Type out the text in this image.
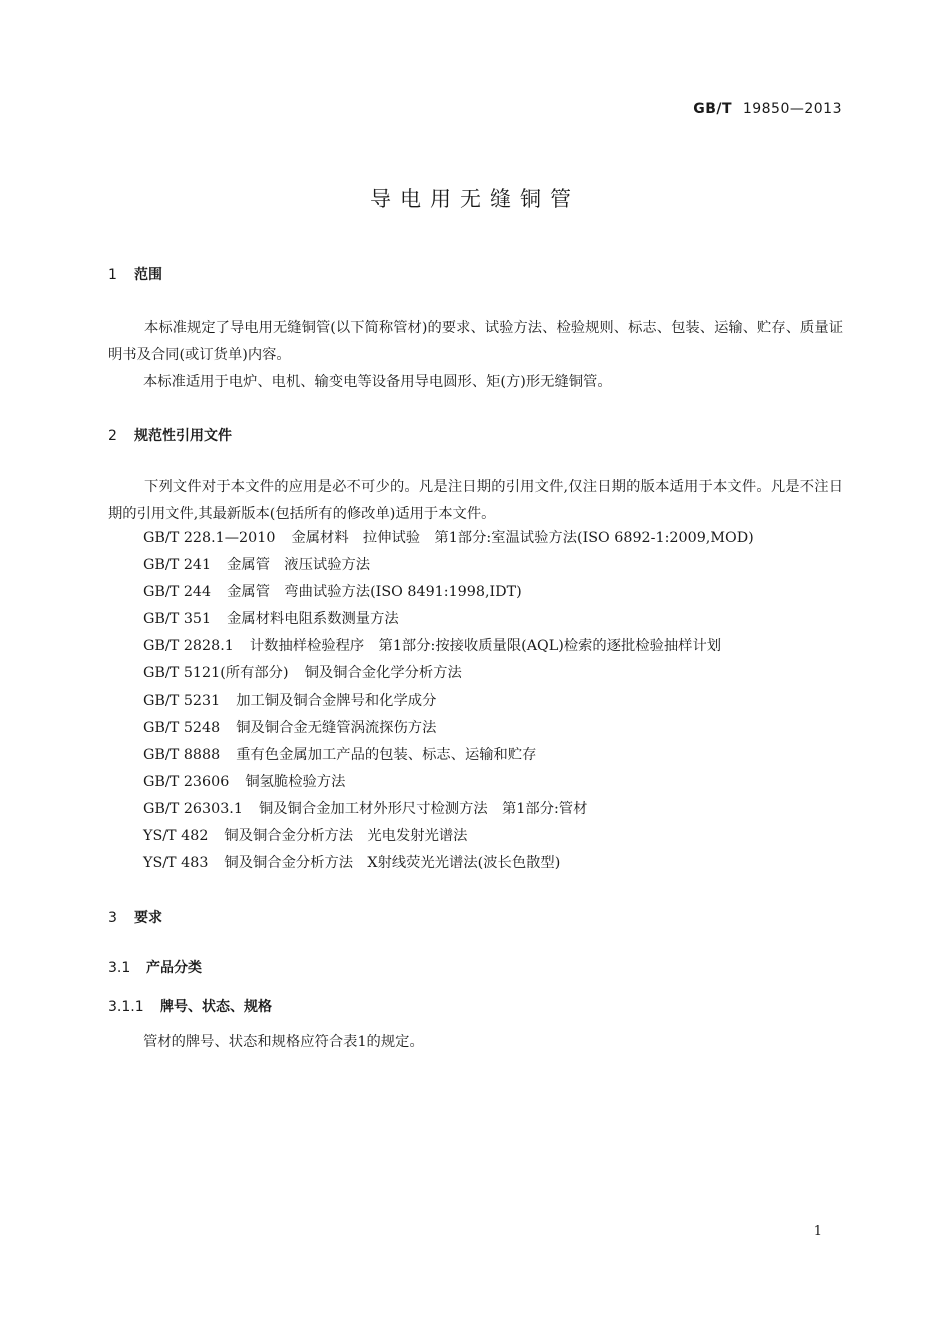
GB/T 19850—2013
导电用无缝铜管
1 范围
本标准规定了导电用无缝铜管(以下简称管材)的要求、试验方法、检验规则、标志、包装、运输、贮存、质量证明书及合同(或订货单)内容。
本标准适用于电炉、电机、输变电等设备用导电圆形、矩(方)形无缝铜管。
2 规范性引用文件
下列文件对于本文件的应用是必不可少的。凡是注日期的引用文件,仅注日期的版本适用于本文件。凡是不注日期的引用文件,其最新版本(包括所有的修改单)适用于本文件。
GB/T 228.1—2010 金属材料　拉伸试验　第1部分:室温试验方法(ISO 6892-1:2009,MOD)
GB/T 241 金属管　液压试验方法
GB/T 244 金属管　弯曲试验方法(ISO 8491:1998,IDT)
GB/T 351 金属材料电阻系数测量方法
GB/T 2828.1 计数抽样检验程序　第1部分:按接收质量限(AQL)检索的逐批检验抽样计划
GB/T 5121(所有部分) 铜及铜合金化学分析方法
GB/T 5231 加工铜及铜合金牌号和化学成分
GB/T 5248 铜及铜合金无缝管涡流探伤方法
GB/T 8888 重有色金属加工产品的包装、标志、运输和贮存
GB/T 23606 铜氢脆检验方法
GB/T 26303.1 铜及铜合金加工材外形尺寸检测方法　第1部分:管材
YS/T 482 铜及铜合金分析方法　光电发射光谱法
YS/T 483 铜及铜合金分析方法　X射线荧光光谱法(波长色散型)
3 要求
3.1 产品分类
3.1.1 牌号、状态、规格
管材的牌号、状态和规格应符合表1的规定。
1
